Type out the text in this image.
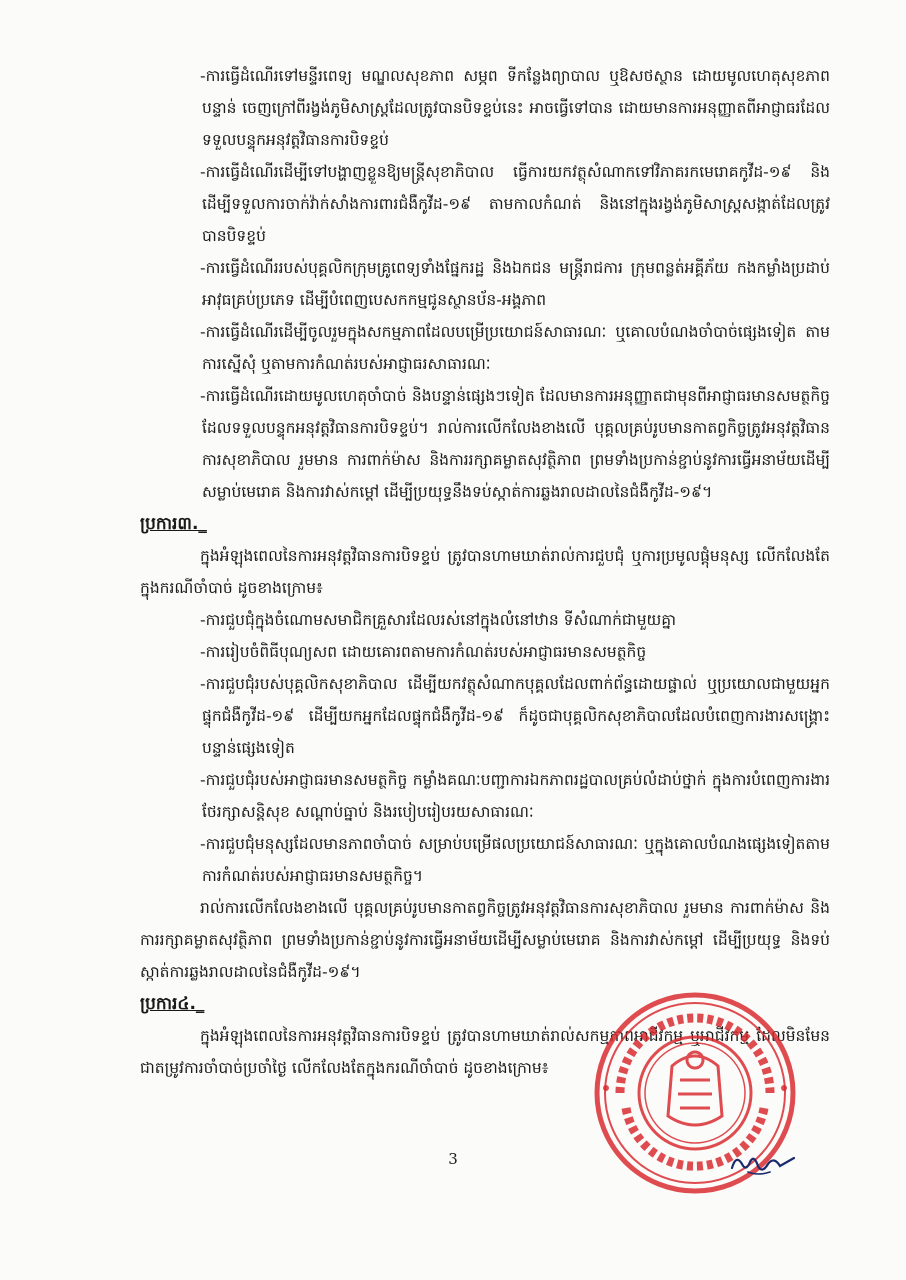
-ការធ្វើដំណើរទៅមន្ទីរពេទ្យ មណ្ឌលសុខភាព សម្ភព ទីកន្លែងព្យាបាល ឬឱសថស្ថាន ដោយមូលហេតុសុខភាពបន្ទាន់ ចេញក្រៅពីរង្វង់ភូមិសាស្ត្រដែលត្រូវបានបិទខ្ទប់នេះ អាចធ្វើទៅបាន ដោយមានការអនុញ្ញាតពីអាជ្ញាធរដែលទទួលបន្ទុកអនុវត្តវិធានការបិទខ្ទប់

-ការធ្វើដំណើរដើម្បីទៅបង្ហាញខ្លួនឱ្យមន្ត្រីសុខាភិបាល ធ្វើការយកវត្ថុសំណាកទៅវិភាគរកមេរោគកូវីដ-១៩ និងដើម្បីទទួលការចាក់វ៉ាក់សាំងការពារជំងឺកូវីដ-១៩ តាមកាលកំណត់ និងនៅក្នុងរង្វង់ភូមិសាស្ត្រសង្កាត់ដែលត្រូវបានបិទខ្ទប់

-ការធ្វើដំណើររបស់បុគ្គលិកក្រុមគ្រូពេទ្យទាំងផ្នែករដ្ឋ និងឯកជន មន្ត្រីរាជការ ក្រុមពន្លត់អគ្គីភ័យ កងកម្លាំងប្រដាប់អាវុធគ្រប់ប្រភេទ ដើម្បីបំពេញបេសកកម្មជូនស្ថានប័ន-អង្គភាព

-ការធ្វើដំណើរដើម្បីចូលរួមក្នុងសកម្មភាពដែលបម្រើប្រយោជន៍សាធារណៈ ឬគោលបំណងចាំបាច់ផ្សេងទៀត តាមការស្នើសុំ ឬតាមការកំណត់របស់អាជ្ញាធរសាធារណៈ

-ការធ្វើដំណើរដោយមូលហេតុចាំបាច់ និងបន្ទាន់ផ្សេងៗទៀត ដែលមានការអនុញ្ញាតជាមុនពីអាជ្ញាធរមានសមត្ថកិច្ច ដែលទទួលបន្ទុកអនុវត្តវិធានការបិទខ្ទប់។ រាល់ការលើកលែងខាងលើ បុគ្គលគ្រប់រូបមានកាតព្វកិច្ចត្រូវអនុវត្តវិធានការសុខាភិបាល រួមមាន ការពាក់ម៉ាស និងការរក្សាគម្លាតសុវត្ថិភាព ព្រមទាំងប្រកាន់ខ្ជាប់នូវការធ្វើអនាម័យដើម្បីសម្លាប់មេរោគ និងការវាស់កម្ដៅ ដើម្បីប្រយុទ្ធនឹងទប់ស្កាត់ការឆ្លងរាលដាលនៃជំងឺកូវីដ-១៩។

ប្រការ៣._

ក្នុងអំឡុងពេលនៃការអនុវត្តវិធានការបិទខ្ទប់ ត្រូវបានហាមឃាត់រាល់ការជួបជុំ ឬការប្រមូលផ្តុំមនុស្ស លើកលែងតែក្នុងករណីចាំបាច់ ដូចខាងក្រោម៖

-ការជួបជុំក្នុងចំណោមសមាជិកគ្រួសារដែលរស់នៅក្នុងលំនៅឋាន ទីសំណាក់ជាមួយគ្នា

-ការរៀបចំពិធីបុណ្យសព ដោយគោរពតាមការកំណត់របស់អាជ្ញាធរមានសមត្ថកិច្ច

-ការជួបជុំរបស់បុគ្គលិកសុខាភិបាល ដើម្បីយកវត្ថុសំណាកបុគ្គលដែលពាក់ព័ន្ធដោយផ្ទាល់ ឬប្រយោលជាមួយអ្នកផ្ទុកជំងឺកូវីដ-១៩ ដើម្បីយកអ្នកដែលផ្ទុកជំងឺកូវីដ-១៩ ក៏ដូចជាបុគ្គលិកសុខាភិបាលដែលបំពេញការងារសង្គ្រោះបន្ទាន់ផ្សេងទៀត

-ការជួបជុំរបស់អាជ្ញាធរមានសមត្ថកិច្ច កម្លាំងគណៈបញ្ជាការឯកភាពរដ្ឋបាលគ្រប់លំដាប់ថ្នាក់ ក្នុងការបំពេញការងារថែរក្សាសន្តិសុខ សណ្តាប់ធ្នាប់ និងរបៀបរៀបរយសាធារណៈ

-ការជួបជុំមនុស្សដែលមានភាពចាំបាច់ សម្រាប់បម្រើផលប្រយោជន៍សាធារណៈ ឬក្នុងគោលបំណងផ្សេងទៀតតាមការកំណត់របស់អាជ្ញាធរមានសមត្ថកិច្ច។

រាល់ការលើកលែងខាងលើ បុគ្គលគ្រប់រូបមានកាតព្វកិច្ចត្រូវអនុវត្តវិធានការសុខាភិបាល រួមមាន ការពាក់ម៉ាស និងការរក្សាគម្លាតសុវត្ថិភាព ព្រមទាំងប្រកាន់ខ្ជាប់នូវការធ្វើអនាម័យដើម្បីសម្លាប់មេរោគ និងការវាស់កម្ដៅ ដើម្បីប្រយុទ្ធ និងទប់ស្កាត់ការឆ្លងរាលដាលនៃជំងឺកូវីដ-១៩។

ប្រការ៤._

ក្នុងអំឡុងពេលនៃការអនុវត្តវិធានការបិទខ្ទប់ ត្រូវបានហាមឃាត់រាល់សកម្មភាពអាជីវកម្ម ឬអាជីវកម្ម ដែលមិនមែនជាតម្រូវការចាំបាច់ប្រចាំថ្ងៃ លើកលែងតែក្នុងករណីចាំបាច់ ដូចខាងក្រោម៖

3
